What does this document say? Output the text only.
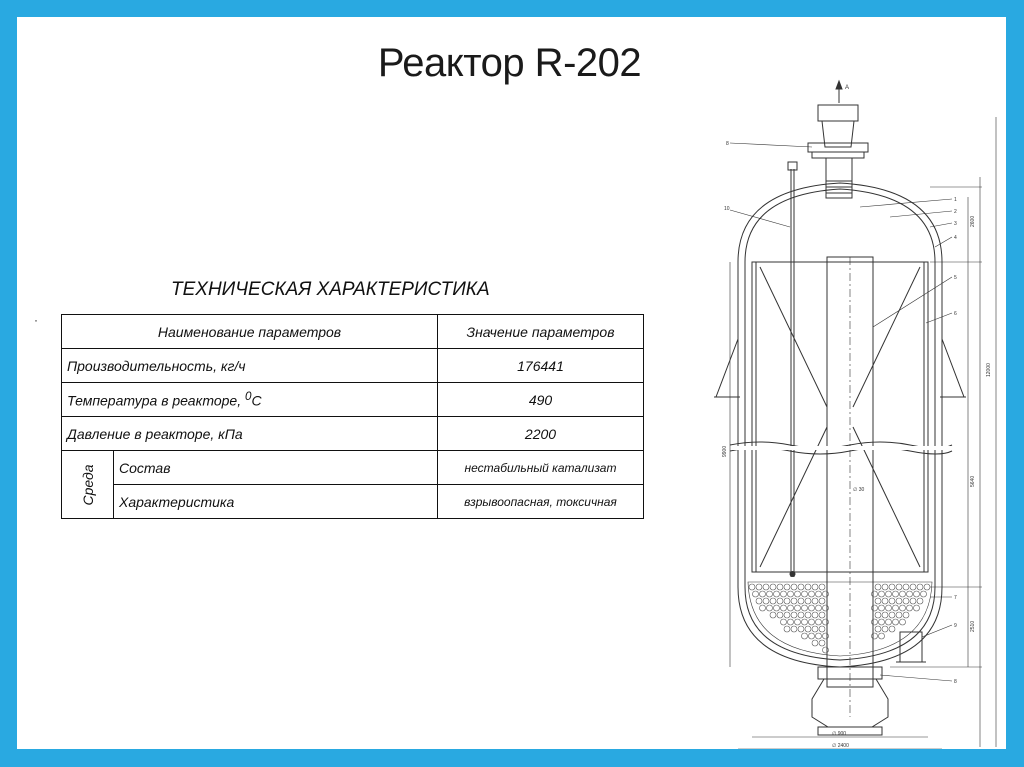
Реактор R-202
ТЕХНИЧЕСКАЯ ХАРАКТЕРИСТИКА
·
Наименование параметров		Значение параметров
Производительность, кг/ч		176441
Температура в реакторе, $^0$С		490
Давление в реакторе, кПа		2200

Среда	Состав	нестабильный катализат
	Характеристика	взрывоопасная, токсичная
А
∅ 30
2600
12000
9900
5640
2510
∅ 900
∅ 2400
8
10
1
2
3
4
5
6
7
9
8
